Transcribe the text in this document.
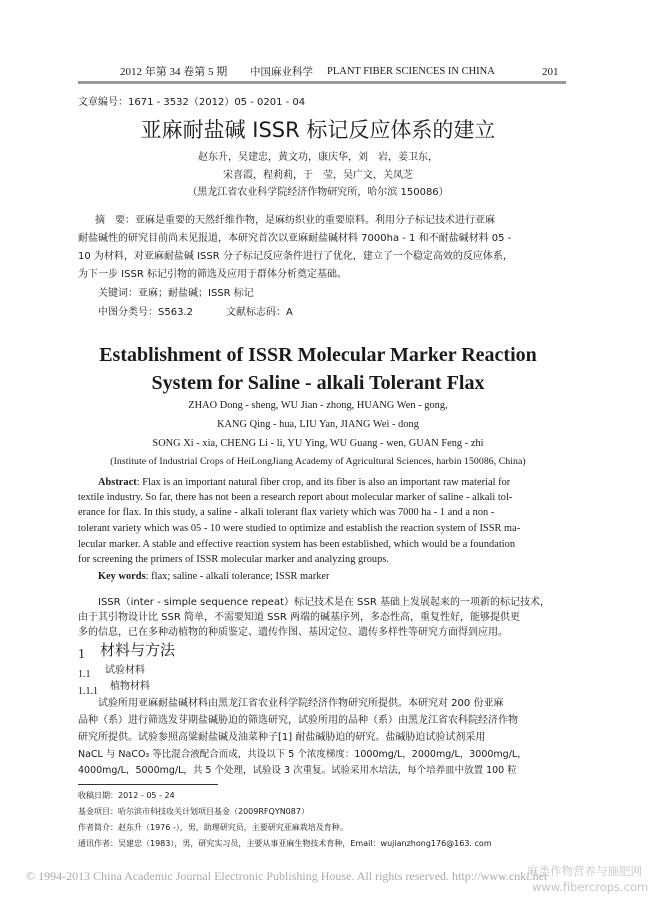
2012 年第 34 卷第 5 期 中国麻业科学 PLANT FIBER SCIENCES IN CHINA	201
文章编号：1671 - 3532（2012）05 - 0201 - 04
亚麻耐盐碱 ISSR 标记反应体系的建立
赵东升，吴建忠，黄文功，康庆华，刘　岩，姜卫东，
宋喜霞，程莉莉，于　莹，吴广文，关凤芝
（黑龙江省农业科学院经济作物研究所，哈尔滨 150086）
摘　要：亚麻是重要的天然纤维作物，是麻纺织业的重要原料。利用分子标记技术进行亚麻
耐盐碱性的研究目前尚未见报道，本研究首次以亚麻耐盐碱材料 7000ha - 1 和不耐盐碱材料 05 -
10 为材料，对亚麻耐盐碱 ISSR 分子标记反应条件进行了优化，建立了一个稳定高效的反应体系，
为下一步 ISSR 标记引物的筛选及应用于群体分析奠定基础。
关键词：亚麻；耐盐碱；ISSR 标记
中图分类号：S563.2	文献标志码：A
Establishment of ISSR Molecular Marker Reaction
System for Saline - alkali Tolerant Flax
ZHAO Dong - sheng, WU Jian - zhong, HUANG Wen - gong,
KANG Qing - hua, LIU Yan, JIANG Wei - dong
SONG Xi - xia, CHENG Li - li, YU Ying, WU Guang - wen, GUAN Feng - zhi
(Institute of Industrial Crops of HeiLongJiang Academy of Agricultural Sciences, harbin 150086, China)
Abstract: Flax is an important natural fiber crop, and its fiber is also an important raw material for
textile industry. So far, there has not been a research report about molecular marker of saline - alkali tol-
erance for flax. In this study, a saline - alkali tolerant flax variety which was 7000 ha - 1 and a non -
tolerant variety which was 05 - 10 were studied to optimize and establish the reaction system of ISSR ma-
lecular marker. A stable and effective reaction system has been established, which would be a foundation
for screening the primers of ISSR molecular marker and analyzing groups.
Key words: flax; saline - alkali tolerance; ISSR marker
ISSR（inter - simple sequence repeat）标记技术是在 SSR 基础上发展起来的一项新的标记技术，
由于其引物设计比 SSR 简单，不需要知道 SSR 两端的碱基序列，多态性高，重复性好，能够提供更
多的信息，已在多种动植物的种质鉴定、遗传作图、基因定位、遗传多样性等研究方面得到应用。
1 材料与方法
1.1 试验材料
1.1.1 植物材料
试验所用亚麻耐盐碱材料由黑龙江省农业科学院经济作物研究所提供。本研究对 200 份亚麻
品种（系）进行筛选发芽期盐碱胁迫的筛选研究，试验所用的品种（系）由黑龙江省农科院经济作物
研究所提供。试验参照高粱耐盐碱及油菜种子[1] 耐盐碱胁迫的研究。盐碱胁迫试验试剂采用
NaCL 与 NaCO₃ 等比混合液配合而成，共设以下 5 个浓度梯度：1000mg/L，2000mg/L，3000mg/L，
4000mg/L，5000mg/L，共 5 个处理，试验设 3 次重复。试验采用水培法，每个培养皿中放置 100 粒
收稿日期：2012 - 05 - 24
基金项目：哈尔滨市科技攻关计划项目基金（2009RFQYN087）
作者简介：赵东升（1976 -），男，助理研究员，主要研究亚麻栽培及育种。
通讯作者：吴建忠（1983），男，研究实习员，主要从事亚麻生物技术育种，Email：wujianzhong176@163. com
© 1994-2013 China Academic Journal Electronic Publishing House. All rights reserved. http://www.cnki.net
麻类作物营养与施肥网
www.fibercrops.com
